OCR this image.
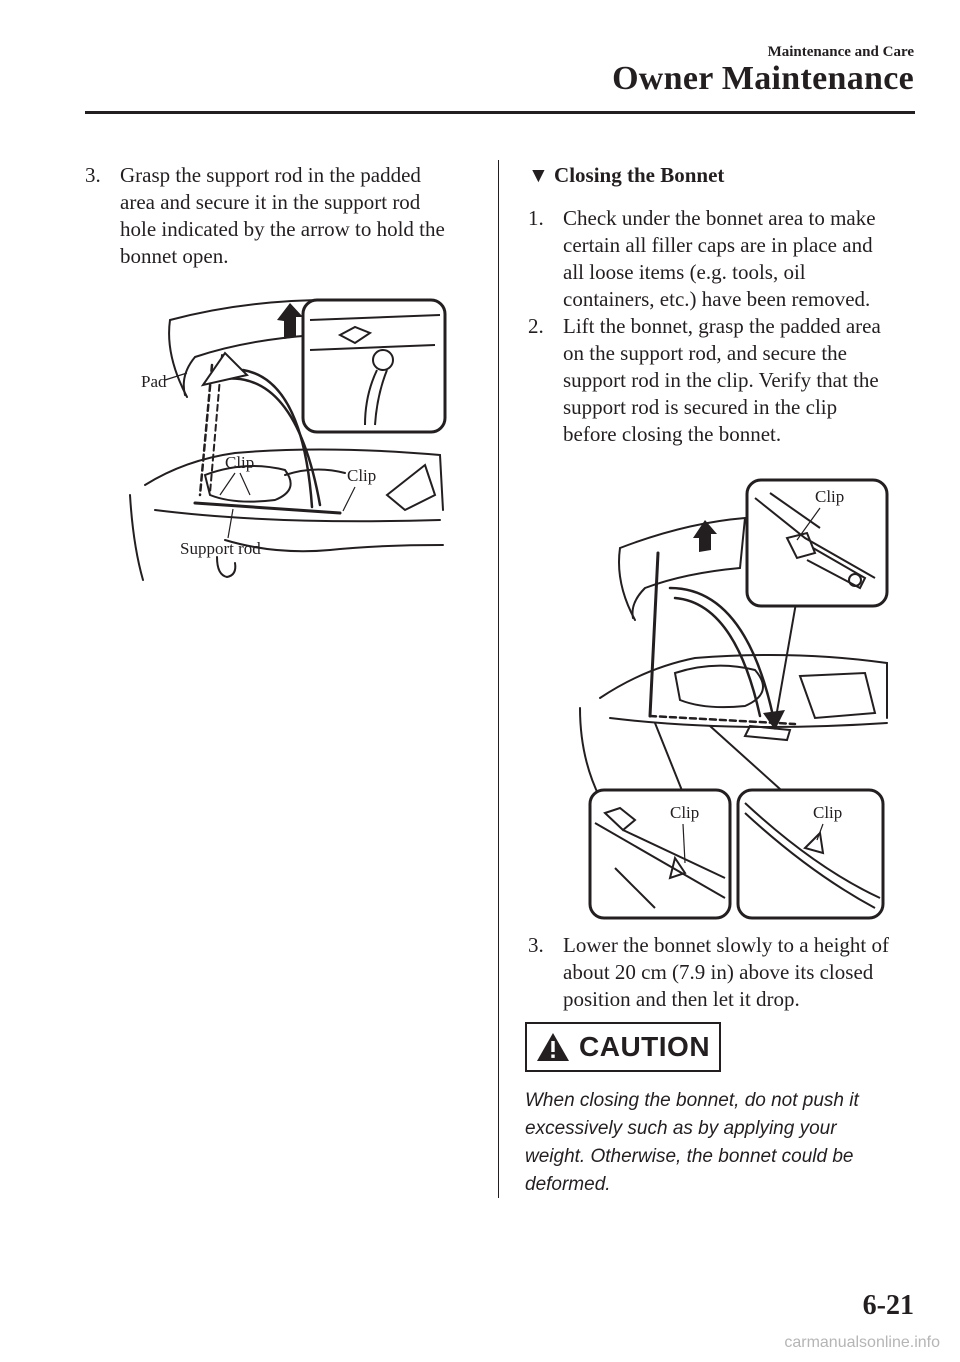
Maintenance and Care
Owner Maintenance
3. Grasp the support rod in the padded
area and secure it in the support rod
hole indicated by the arrow to hold the
bonnet open.
Pad
Clip
Clip
Support rod
▼ Closing the Bonnet
1. Check under the bonnet area to make
certain all filler caps are in place and
all loose items (e.g. tools, oil
containers, etc.) have been removed.
2. Lift the bonnet, grasp the padded area
on the support rod, and secure the
support rod in the clip. Verify that the
support rod is secured in the clip
before closing the bonnet.
Clip
Clip	Clip
3. Lower the bonnet slowly to a height of
about 20 cm (7.9 in) above its closed
position and then let it drop.
CAUTION
When closing the bonnet, do not push it
excessively such as by applying your
weight. Otherwise, the bonnet could be
deformed.
6-21
carmanualsonline.info
